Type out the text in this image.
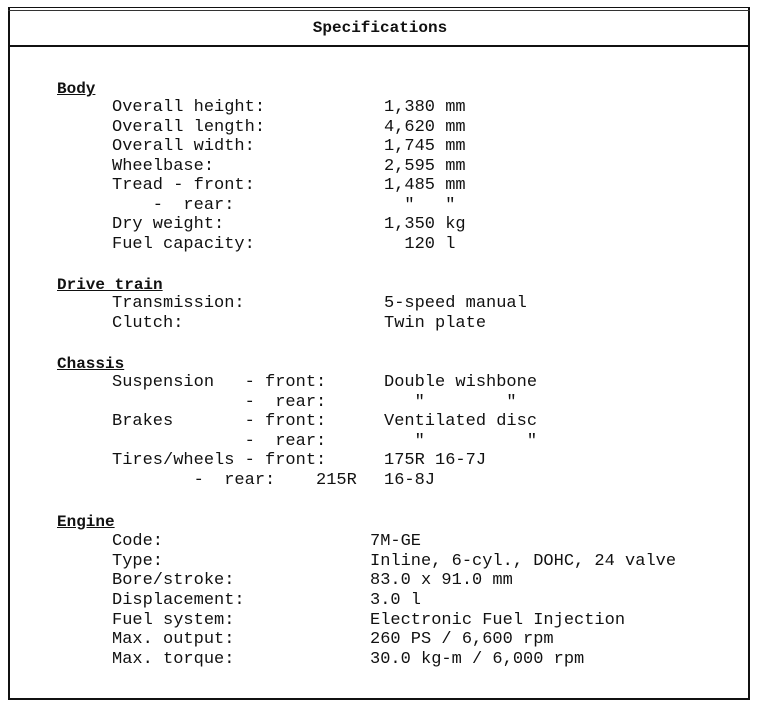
Specifications
Body
Overall height:	1,380 mm
Overall length:	4,620 mm
Overall width:	1,745 mm
Wheelbase:	2,595 mm
Tread - front:	1,485 mm
-  rear:	"   "
Dry weight:	1,350 kg
Fuel capacity:	120 l
Drive train
Transmission:	5-speed manual
Clutch:	Twin plate
Chassis
Suspension   - front:	Double wishbone
-  rear:	"        "
Brakes       - front:	Ventilated disc
-  rear:	"          "
Tires/wheels - front:	175R 16-7J
-  rear:    215R 16-8J
Engine
Code:	7M-GE
Type:	Inline, 6-cyl., DOHC, 24 valve
Bore/stroke:	83.0 x 91.0 mm
Displacement:	3.0 l
Fuel system:	Electronic Fuel Injection
Max. output:	260 PS / 6,600 rpm
Max. torque:	30.0 kg-m / 6,000 rpm
